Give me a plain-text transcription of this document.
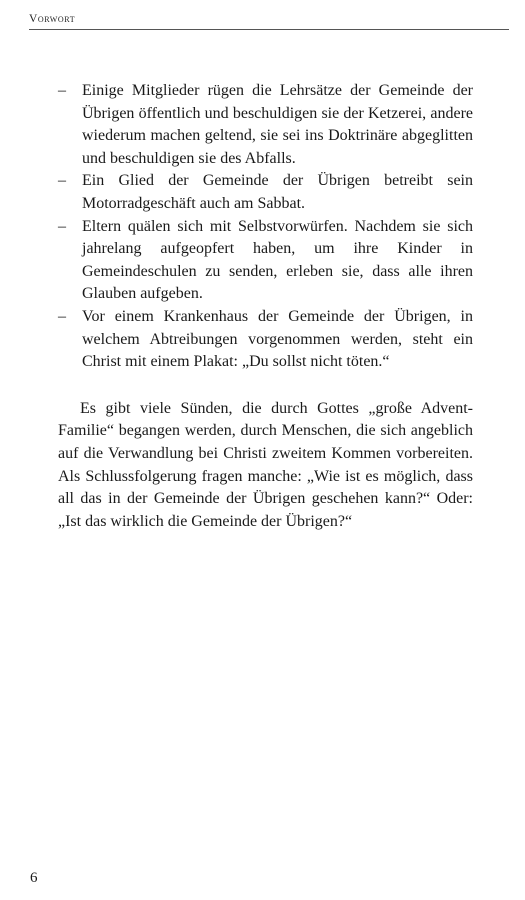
Vorwort
– Einige Mitglieder rügen die Lehrsätze der Gemeinde der Übrigen öffentlich und beschuldigen sie der Ketzerei, andere wiederum machen geltend, sie sei ins Doktrinäre abgeglitten und beschuldigen sie des Abfalls.
– Ein Glied der Gemeinde der Übrigen betreibt sein Motorradgeschäft auch am Sabbat.
– Eltern quälen sich mit Selbstvorwürfen. Nachdem sie sich jahrelang aufgeopfert haben, um ihre Kinder in Gemeindeschulen zu senden, erleben sie, dass alle ihren Glauben aufgeben.
– Vor einem Krankenhaus der Gemeinde der Übrigen, in welchem Abtreibungen vorgenommen werden, steht ein Christ mit einem Plakat: „Du sollst nicht töten.“

Es gibt viele Sünden, die durch Gottes „große Advent-Familie“ begangen werden, durch Menschen, die sich angeblich auf die Verwandlung bei Christi zweitem Kommen vorbereiten. Als Schlussfolgerung fragen manche: „Wie ist es möglich, dass all das in der Gemeinde der Übrigen geschehen kann?“ Oder: „Ist das wirklich die Gemeinde der Übrigen?“

6
